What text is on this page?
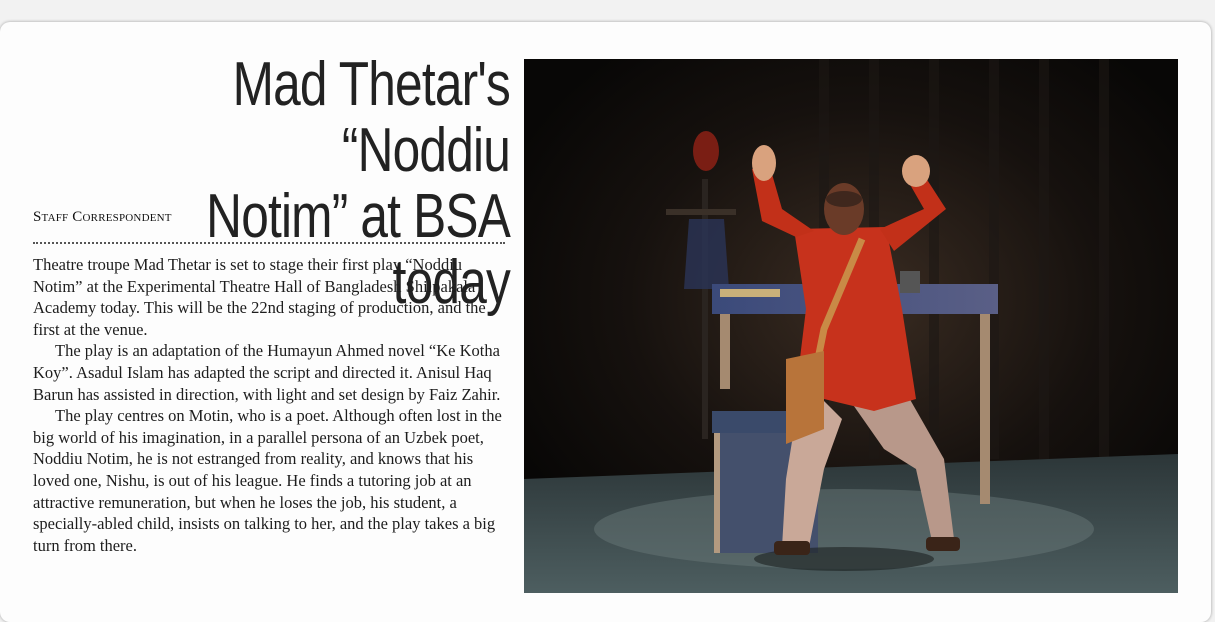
Mad Thetar's “Noddiu
Notim” at BSA today
Staff Correspondent

Theatre troupe Mad Thetar is set to stage their first play “Noddiu Notim” at the Experimental Theatre Hall of Bangladesh Shilpakala Academy today. This will be the 22nd staging of production, and the first at the venue.

The play is an adaptation of the Humayun Ahmed novel “Ke Kotha Koy”. Asadul Islam has adapted the script and directed it. Anisul Haq Barun has assisted in direction, with light and set design by Faiz Zahir.

The play centres on Motin, who is a poet. Although often lost in the big world of his imagination, in a parallel persona of an Uzbek poet, Noddiu Notim, he is not estranged from reality, and knows that his loved one, Nishu, is out of his league. He finds a tutoring job at an attractive remuneration, but when he loses the job, his student, a specially-abled child, insists on talking to her, and the play takes a big turn from there.
